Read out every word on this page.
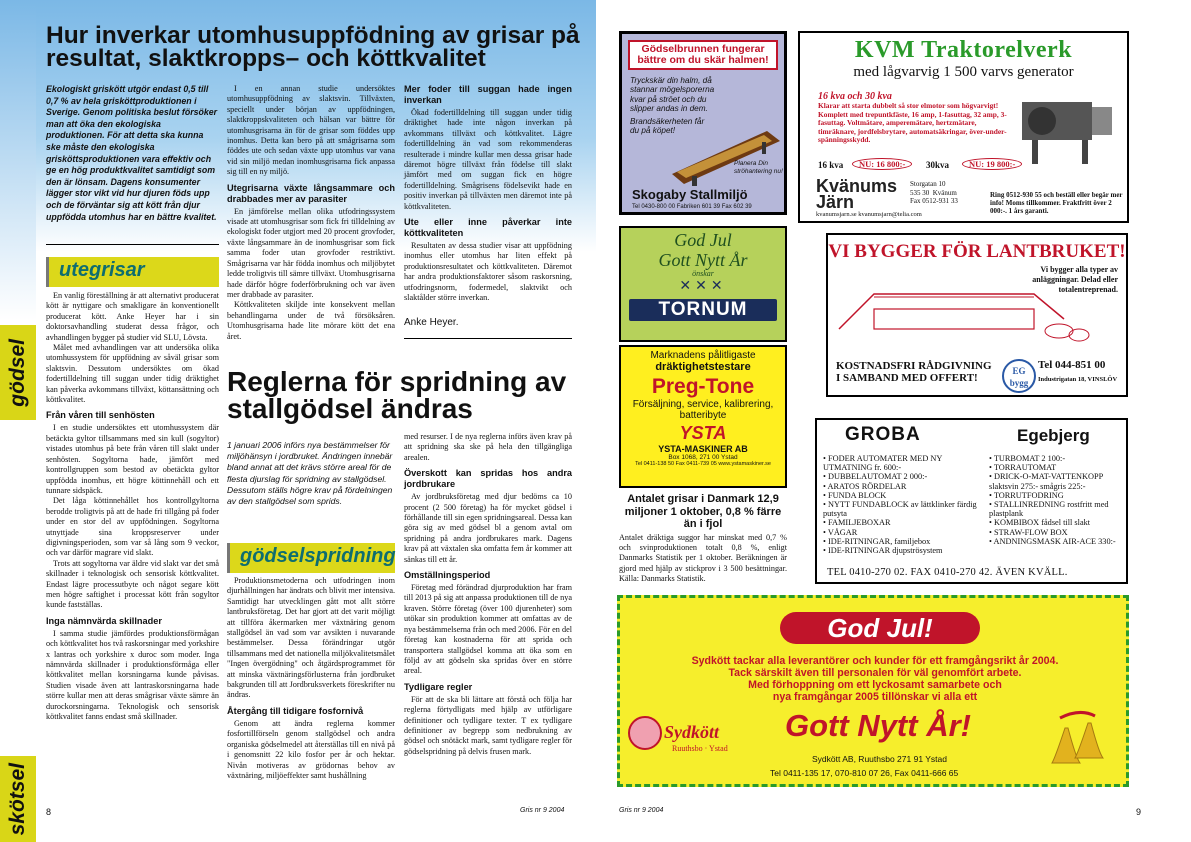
gödsel
skötsel
Hur inverkar utomhusuppfödning av grisar på resultat, slaktkropps– och köttkvalitet
Ekologiskt griskött utgör endast 0,5 till 0,7 % av hela grisköttproduktionen i Sverige. Genom politiska beslut försöker man att öka den ekologiska produktionen. För att detta ska kunna ske måste den ekologiska grisköttsproduktionen vara effektiv och ge en hög produktkvalitet samtidigt som den är lönsam. Dagens konsumenter lägger stor vikt vid hur djuren föds upp och de förväntar sig att kött från djur uppfödda utomhus har en bättre kvalitet.
utegrisar

En vanlig föreställning är att alternativt producerat kött är nyttigare och smakligare än konventionellt producerat kött. Anke Heyer har i sin doktorsavhandling studerat dessa frågor, och avhandlingen bygger på studier vid SLU, Lövsta.

Målet med avhandlingen var att undersöka olika utomhussystem för uppfödning av såväl grisar som slaktsvin. Dessutom undersöktes om ökad fodertilldelning till suggan under tidig dräktighet kan påverka avkommans tillväxt, köttansättning och köttkvalitet.

Från våren till senhösten

I en studie undersöktes ett utomhussystem där betäckta gyltor tillsammans med sin kull (sogyltor) vistades utomhus på bete från våren till slakt under senhösten. Sogyltorna hade, jämfört med kontrollgruppen som bestod av obetäckta gyltor uppfödda inomhus, ett högre köttinnehåll och ett tunnare sidspäck.

Det låga köttinnehållet hos kontrollgyltorna berodde troligtvis på att de hade fri tillgång på foder under en stor del av uppfödningen. Sogyltorna utnyttjade sina kroppsreserver under digivningsperioden, som var så lång som 9 veckor, och var därför magrare vid slakt.

Trots att sogyltorna var äldre vid slakt var det små skillnader i teknologisk och sensorisk köttkvalitet. Endast lägre processutbyte och något segare kött men högre saftighet i processat kött från sogyltor kunde fastställas.

Inga nämnvärda skillnader

I samma studie jämfördes produktionsförmågan och köttkvalitet hos två raskorsningar med yorkshire x lantras och yorkshire x duroc som moder. Inga nämnvärda skillnader i produktionsförmåga eller köttkvalitet mellan korsningarna kunde påvisas. Studien visade även att lantraskorsningarna hade större kullar men att deras smågrisar växte sämre än durockorsningarna. Teknologisk och sensorisk köttkvalitet fanns endast små skillnader.

I en annan studie undersöktes utomhusuppfödning av slaktsvin. Tillväxten, speciellt under början av uppfödningen, slaktkroppskvaliteten och hälsan var bättre för utomhusgrisarna än för de grisar som föddes upp inomhus. Detta kan bero på att smågrisarna som föddes ute och sedan växte upp utomhus var vana vid sin miljö medan inomhusgrisarna fick anpassa sig till en ny miljö.

Utegrisarna växte långsammare och drabbades mer av parasiter

En jämförelse mellan olika utfodringssystem visade att utomhusgrisar som fick fri tilldelning av ekologiskt foder utgjort med 20 procent grovfoder, växte långsammare än de inomhusgrisar som fick samma foder utan grovfoder restriktivt. Smågrisarna var här födda inomhus och miljöbytet ledde troligtvis till sämre tillväxt. Utomhusgrisarna hade därför högre foderförbrukning och var även mer drabbade av parasiter.

Köttkvaliteten skiljde inte konsekvent mellan behandlingarna under de två försöksåren. Utomhusgrisarna hade lite mörare kött det ena året.

Mer foder till suggan hade ingen inverkan

Ökad fodertilldelning till suggan under tidig dräktighet hade inte någon inverkan på avkommans tillväxt och köttkvalitet. Lägre fodertilldelning än vad som rekommenderas resulterade i mindre kullar men dessa grisar hade däremot högre tillväxt från födelse till slakt jämfört med om suggan fick en högre fodertilldelning. Smågrisens födelsevikt hade en positiv inverkan på tillväxten men däremot inte på köttkvaliteten.

Ute eller inne påverkar inte köttkvaliteten

Resultaten av dessa studier visar att uppfödning inomhus eller utomhus har liten effekt på produktionsresultatet och köttkvaliteten. Däremot har andra produktionsfaktorer såsom raskorsning, utfodringsnorm, fodermedel, slaktvikt och slaktålder större inverkan.

Anke Heyer.
Reglerna för spridning av stallgödsel ändras
1 januari 2006 införs nya bestämmelser för miljöhänsyn i jordbruket. Ändringen innebär bland annat att det krävs större areal för de flesta djurslag för spridning av stallgödsel. Dessutom ställs högre krav på fördelningen av den stallgödsel som sprids.
gödselspridning

Produktionsmetoderna och utfodringen inom djurhållningen har ändrats och blivit mer intensiva. Samtidigt har utvecklingen gått mot allt större lantbruksföretag. Det har gjort att det varit möjligt att tillföra åkermarken mer växtnäring genom stallgödsel än vad som var avsikten i nuvarande bestämmelser. Dessa förändringar utgör tillsammans med det nationella miljökvalitetsmålet "Ingen övergödning" och åtgärdsprogrammet för att minska växtnäringsförlusterna från jordbruket bakgrunden till att Jordbruksverkets föreskrifter nu ändras.

Återgång till tidigare fosfornivå

Genom att ändra reglerna kommer fosfortillförseln genom stallgödsel och andra organiska gödselmedel att återställas till en nivå på i genomsnitt 22 kilo fosfor per år och hektar. Nivån motiveras av grödornas behov av växtnäring, miljöeffekter samt hushållning

med resurser. I de nya reglerna införs även krav på att spridning ska ske på hela den tillgängliga arealen.

Överskott kan spridas hos andra jordbrukare

Av jordbruksföretag med djur bedöms ca 10 procent (2 500 företag) ha för mycket gödsel i förhållande till sin egen spridningsareal. Dessa kan göra sig av med gödsel bl a genom avtal om spridning på andra jordbrukares mark. Dagens krav på att växtalen ska omfatta fem år kommer att sänkas till ett år.

Omställningsperiod

Företag med förändrad djurproduktion har fram till 2013 på sig att anpassa produktionen till de nya kraven. Större företag (över 100 djurenheter) som utökar sin produktion kommer att omfattas av de nya bestämmelserna från och med 2006. För en del företag kan kostnaderna för att sprida och transportera stallgödsel komma att öka som en följd av att gödseln ska spridas över en större areal.

Tydligare regler

För att de ska bli lättare att förstå och följa har reglerna förtydligats med hjälp av utförligare definitioner och tydligare texter. T ex tydligare definitioner av begrepp som nedbrukning av gödsel och snötäckt mark, samt tydligare regler för gödselspridning på delvis frusen mark.

8	Gris nr 9 2004
Gödselbrunnen fungerar bättre om du skär halmen!
Tryckskär din halm, då stannar mögelsporerna kvar på ströet och du slipper andas in dem.
Brandsäkerheten får du på köpet!
Planera Din ströhantering nu!
Skogaby Stallmiljö
Tel 0430-800 00 Fabriken 601 39 Fax 602 39
KVM Traktorelverk
med lågvarvig 1 500 varvs generator
16 kva och 30 kva
Klarar att starta dubbelt så stor elmotor som högvarvigt! Komplett med trepuntkfäste, 16 amp, 1-fasuttag, 32 amp, 3-fasuttag. Voltmätare, amperemätare, hertzmätare, timräknare, jordfelsbrytare, automatsäkringar, över-under-spänningsskydd.
16 kva	NU: 16 800:-	30kva	NU: 19 800:-
Kvänums Järn
Storgatan 10
535 30  Kvänum
Fax 0512-931 33
Ring 0512-930 55 och beställ eller begär mer info! Moms tillkommer. Fraktfritt över 2 000:-. 1 års garanti.
kvanumsjarn.se kvanumsjarn@telia.com
God Jul
Gott Nytt År
önskar
✕✕✕
TORNUM
VI BYGGER FÖR LANTBRUKET!
Vi bygger alla typer av anläggningar. Delad eller totalentreprenad.
KOSTNADSFRI RÅDGIVNING
I SAMBAND MED OFFERT!
EG bygg
Tel 044-851 00
Industrigatan 18, VINSLÖV
Marknadens pålitligaste
dräktighetstestare
Preg-Tone
Försäljning, service, kalibrering, batteribyte
YSTA
YSTA-MASKINER AB
Box 1068, 271 00 Ystad
Tel 0411-138 50 Fax 0411-739 05 www.ystamaskiner.se
Antalet grisar i Danmark 12,9 miljoner 1 oktober, 0,8 % färre än i fjol
Antalet dräktiga suggor har minskat med 0,7 % och svinproduktionen totalt 0,8 %, enligt Danmarks Statistik per 1 oktober. Beräkningen är gjord med hjälp av stickprov i 3 500 besättningar. Källa: Danmarks Statistik.
GROBA	Egebjerg
• FODER AUTOMATER MED NY UTMATNING fr. 600:-
• DUBBELAUTOMAT 2 000:-
• ARATOS RÖRDELAR
• FUNDA BLOCK
• NYTT FUNDABLOCK av lättklinker färdig putsyta
• FAMILJEBOXAR
• VÅGAR
• IDE-RITNINGAR, familjebox
• IDE-RITNINGAR djupströsystem
• TURBOMAT 2 100:-
• TORRAUTOMAT
• DRICK-O-MAT-VATTENKOPP slaktsvin 275:- smågris 225:-
• TORRUTFODRING
• STALLINREDNING rostfritt med plastplank
• KOMBIBOX fådsel till slakt
• STRAW-FLOW BOX
• ANDNINGSMASK AIR-ACE 330:-
TEL 0410-270 02. FAX 0410-270 42. ÄVEN KVÄLL.
God Jul!
Sydkött tackar alla leverantörer och kunder för ett framgångsrikt år 2004.
Tack särskilt även till personalen för väl genomfört arbete.
Med förhoppning om ett lyckosamt samarbete och
nya framgångar 2005 tillönskar vi alla ett
Gott Nytt År!
Sydkött
Ruuthsbo · Ystad
Sydkött AB, Ruuthsbo 271 91 Ystad
Tel 0411-135 17, 070-810 07 26, Fax 0411-666 65
Gris nr 9 2004	9
